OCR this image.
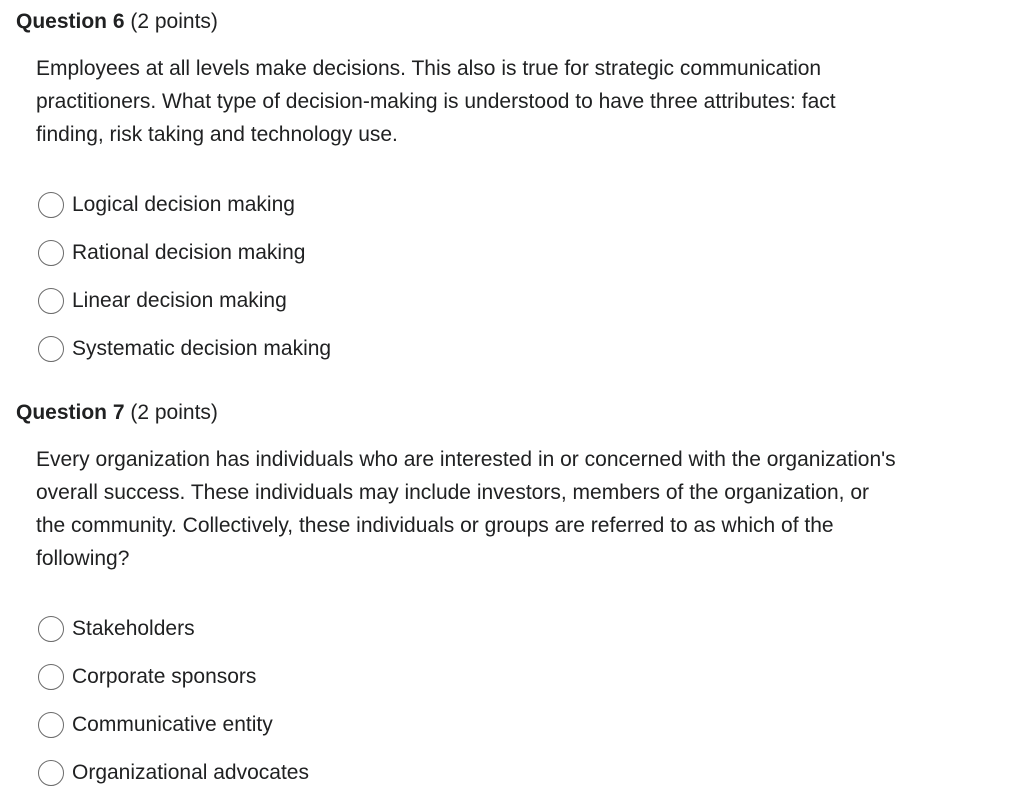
Question 6 (2 points)

Employees at all levels make decisions. This also is true for strategic communication practitioners. What type of decision-making is understood to have three attributes: fact finding, risk taking and technology use.

Logical decision making
Rational decision making
Linear decision making
Systematic decision making
Question 7 (2 points)

Every organization has individuals who are interested in or concerned with the organization's overall success. These individuals may include investors, members of the organization, or the community. Collectively, these individuals or groups are referred to as which of the following?

Stakeholders
Corporate sponsors
Communicative entity
Organizational advocates
